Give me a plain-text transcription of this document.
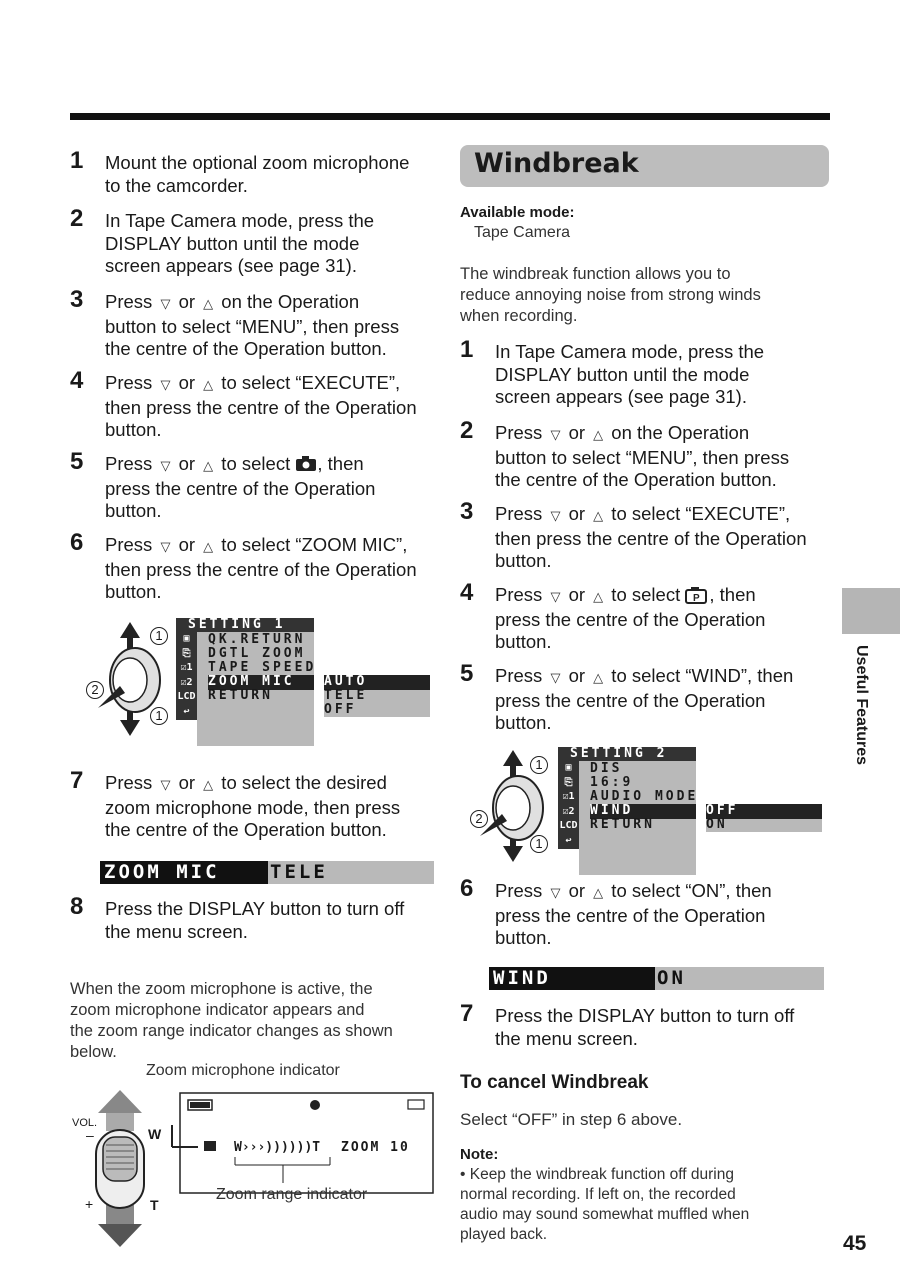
1 Mount the optional zoom microphone
to the camcorder.
2 In Tape Camera mode, press the
DISPLAY button until the mode
screen appears (see page 31).
3 Press ▽ or △ on the Operation
button to select “MENU”, then press
the centre of the Operation button.
4 Press ▽ or △ to select “EXECUTE”,
then press the centre of the Operation
button.
5 Press ▽ or △ to select , then
press the centre of the Operation
button.
6 Press ▽ or △ to select “ZOOM MIC”,
then press the centre of the Operation
button.
1
2
1
SETTING 1
▣
⎘
☑1
☑2
LCD
↩
QK.RETURN
DGTL ZOOM
TAPE SPEED
ZOOM MIC
RETURN
AUTO
TELE
OFF
7 Press ▽ or △ to select the desired
zoom microphone mode, then press
the centre of the Operation button.
ZOOM MIC	TELE
8 Press the DISPLAY button to turn off
the menu screen.
When the zoom microphone is active, the
zoom microphone indicator appears and
the zoom range indicator changes as shown
below.
Zoom microphone indicator
VOL.
–
+
W
T
W›››))))))T ZOOM 10
Zoom range indicator
Windbreak
Available mode:
Tape Camera
The windbreak function allows you to
reduce annoying noise from strong winds
when recording.
1 In Tape Camera mode, press the
DISPLAY button until the mode
screen appears (see page 31).
2 Press ▽ or △ on the Operation
button to select “MENU”, then press
the centre of the Operation button.
3 Press ▽ or △ to select “EXECUTE”,
then press the centre of the Operation
button.
4 Press ▽ or △ to select P , then
press the centre of the Operation
button.
5 Press ▽ or △ to select “WIND”, then
press the centre of the Operation
button.
1
2
1
SETTING 2
▣
⎘
☑1
☑2
LCD
↩
DIS
16:9
AUDIO MODE
WIND
RETURN
OFF
ON
6 Press ▽ or △ to select “ON”, then
press the centre of the Operation
button.
WIND	ON
7 Press the DISPLAY button to turn off
the menu screen.
To cancel Windbreak
Select “OFF” in step 6 above.
Note:
• Keep the windbreak function off during
normal recording. If left on, the recorded
audio may sound somewhat muffled when
played back.
Useful Features
45
